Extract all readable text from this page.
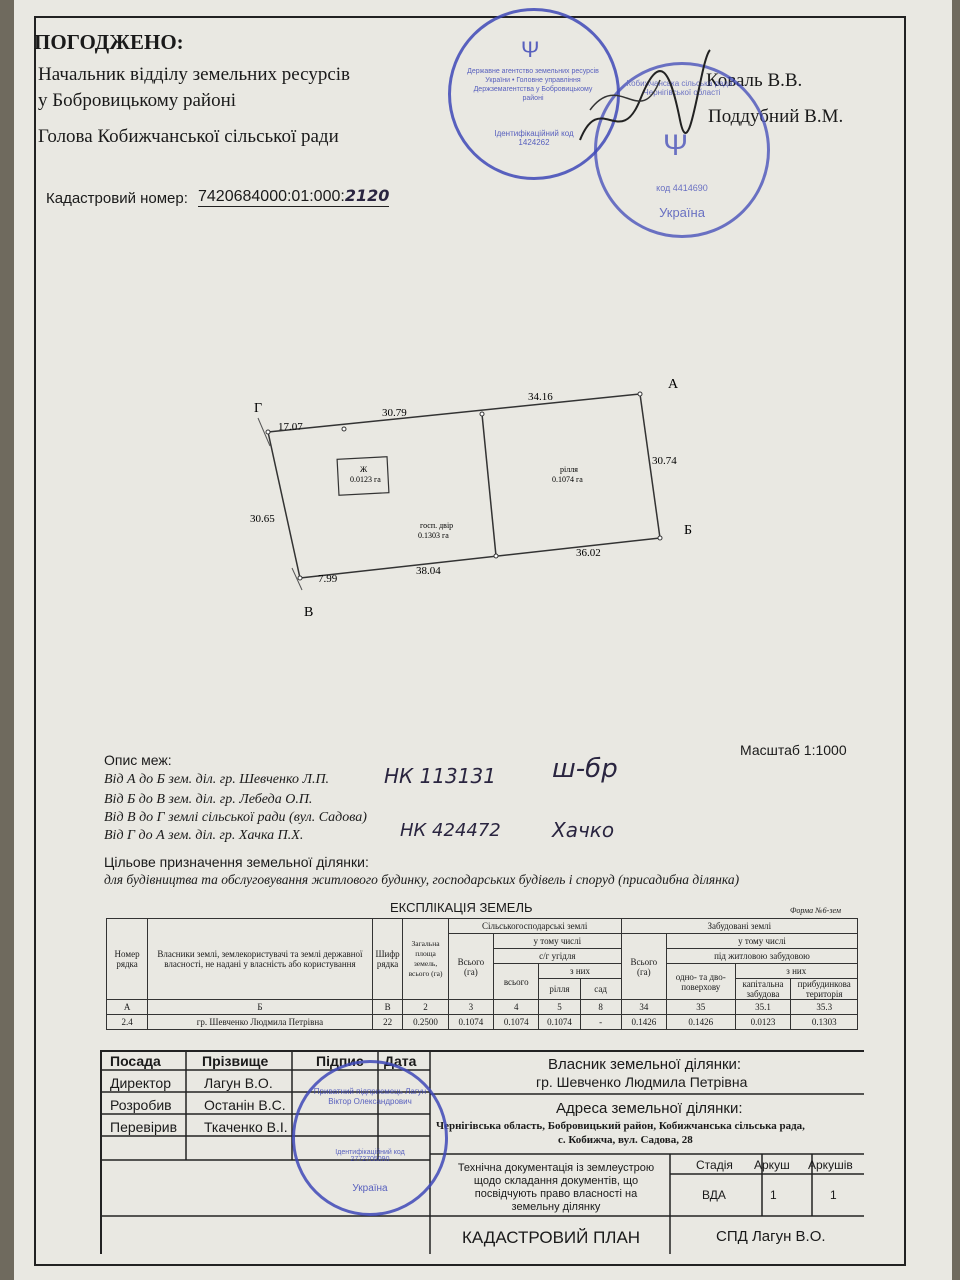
ПОГОДЖЕНО:
Начальник відділу земельних ресурсів
у Бобровицькому районі
Голова Кобижчанської сільської ради
Коваль В.В.
Поддубний В.М.
Кадастровий номер: 7420684000:01:000:2120
Державне агентство земельних ресурсів України • Головне управління Держземагентства у Бобровицькому районі
Ψ
Ідентифікаційний код 1424262
Кобижчанська сільська рада • Чернігівської області
Ψ
код 4414690
Україна
А
Б
В
Г
34.16
30.79
17.07
30.74
30.65
7.99
38.04
36.02
Ж
0.0123 га
госп. двір
0.1303 га
рілля
0.1074 га
Опис меж:
Масштаб 1:1000
Від А до Б зем. діл. гр. Шевченко Л.П.
Від Б до В зем. діл. гр. Лебеда О.П.
Від В до Г землі сільської ради (вул. Садова)
Від Г до А зем. діл. гр. Хачка П.Х.
НК 113131
НК 424472
ш-бр
Хачко
Цільове призначення земельної ділянки:
для будівництва та обслуговування житлового будинку, господарських будівель і споруд (присадибна ділянка)
ЕКСПЛІКАЦІЯ ЗЕМЕЛЬ	Форма №6-зем
Номер рядка	Власники землі, землекористувачі та землі державної власності, не надані у власність або користування	Шифр рядка	Загальна площа земель, всього (га)	Сільськогосподарські землі				Забудовані землі			
				Всього (га)	у тому числі			Всього (га)	у тому числі		
					с/г угідля				під житловою забудовою		
					всього	з них			одно- та дво- поверхову	з них	
						рілля	сад			капітальна забудова	прибудинкова територія
А	Б	В	2	3	4	5	8	34	35	35.1	35.3
2.4	гр. Шевченко Людмила Петрівна	22	0.2500	0.1074	0.1074	0.1074	-	0.1426	0.1426	0.0123	0.1303
Посада	Прізвище	Підпис Дата
Директор Лагун В.О.
Розробив Останін В.С.
Перевірив Ткаченко В.І.
Власник земельної ділянки:
гр. Шевченко Людмила Петрівна
Адреса земельної ділянки:
Чернігівська область, Бобровицький район, Кобижчанська сільська рада,
с. Кобижча, вул. Садова, 28
Технічна документація із землеустрою щодо складання документів, що посвідчують право власності на земельну ділянку
Стадія Аркуш Аркушів
ВДА	1	1
КАДАСТРОВИЙ ПЛАН	СПД Лагун В.О.
Приватний підприємець Лагун Віктор Олександрович
Ідентифікаційний код 2772705090
Україна
